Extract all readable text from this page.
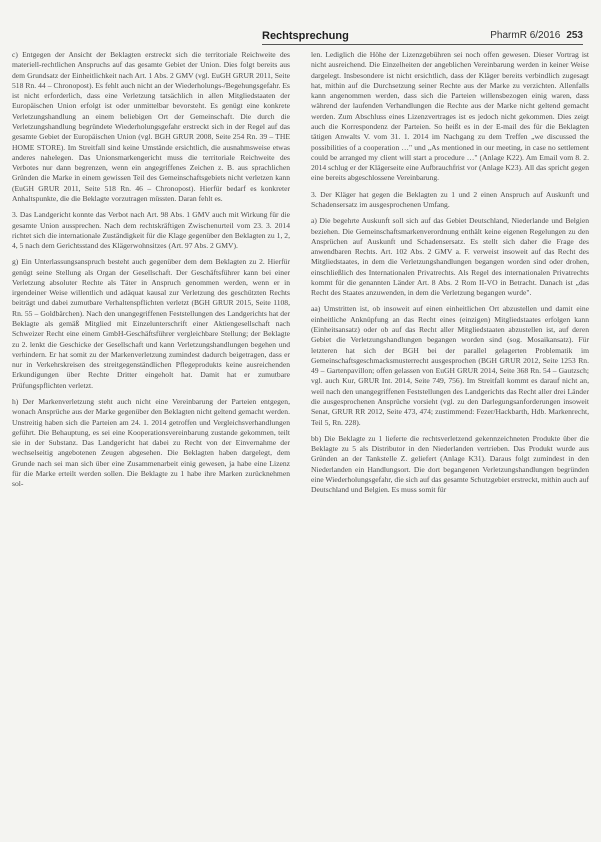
Rechtsprechung	PharmR 6/2016 253

c) Entgegen der Ansicht der Beklagten erstreckt sich die territoriale Reichweite des materiell-rechtlichen Anspruchs auf das gesamte Gebiet der Union. Dies folgt bereits aus dem Grundsatz der Einheitlichkeit nach Art. 1 Abs. 2 GMV (vgl. EuGH GRUR 2011, Seite 518 Rn. 44 – Chronopost). Es fehlt auch nicht an der Wiederholungs-/Begehungsgefahr. Es ist nicht erforderlich, dass eine Verletzung tatsächlich in allen Mitgliedstaaten der Europäischen Union erfolgt ist oder unmittelbar bevorsteht. Es genügt eine konkrete Verletzungshandlung an einem beliebigen Ort der Gemeinschaft. Die durch die Verletzungshandlung begründete Wiederholungsgefahr erstreckt sich in der Regel auf das gesamte Gebiet der Europäischen Union (vgl. BGH GRUR 2008, Seite 254 Rn. 39 – THE HOME STORE). Im Streitfall sind keine Umstände ersichtlich, die ausnahmsweise etwas anderes nahelegen. Das Unionsmarkengericht muss die territoriale Reichweite des Verbotes nur dann begrenzen, wenn ein angegriffenes Zeichen z. B. aus sprachlichen Gründen die Marke in einem gewissen Teil des Gemeinschaftsgebiets nicht verletzen kann (EuGH GRUR 2011, Seite 518 Rn. 46 – Chronopost). Hierfür bedarf es konkreter Anhaltspunkte, die die Beklagte vorzutragen müssten. Daran fehlt es.

3. Das Landgericht konnte das Verbot nach Art. 98 Abs. 1 GMV auch mit Wirkung für die gesamte Union aussprechen. Nach dem rechtskräftigen Zwischenurteil vom 23. 3. 2014 richtet sich die internationale Zuständigkeit für die Klage gegenüber den Beklagten zu 1, 2, 4, 5 nach dem Gerichtsstand des Klägerwohnsitzes (Art. 97 Abs. 2 GMV).

g) Ein Unterlassungsanspruch besteht auch gegenüber dem dem Beklagten zu 2. Hierfür genügt seine Stellung als Organ der Gesellschaft. Der Geschäftsführer kann bei einer Verletzung absoluter Rechte als Täter in Anspruch genommen werden, wenn er in irgendeiner Weise willentlich und adäquat kausal zur Verletzung des geschützten Rechts beiträgt und dabei zumutbare Verhaltenspflichten verletzt (BGH GRUR 2015, Seite 1108, Rn. 55 – Goldbärchen). Nach den unangegriffenen Feststellungen des Landgerichts hat der Beklagte als gemäß Mitglied mit Einzelunterschrift einer Aktiengesellschaft nach Schweizer Recht eine einem GmbH-Geschäftsführer vergleichbare Stellung; der Beklagte zu 2. lenkt die Geschicke der Gesellschaft und kann Verletzungshandlungen begehen und verhindern. Er hat somit zu der Markenverletzung zumindest dadurch beigetragen, dass er nur in Verkehrskreisen des streitgegenständlichen Pflegeprodukts keine ausreichenden Erkundigungen über Rechte Dritter eingeholt hat. Damit hat er zumutbare Prüfungspflichten verletzt.

h) Der Markenverletzung steht auch nicht eine Vereinbarung der Parteien entgegen, wonach Ansprüche aus der Marke gegenüber den Beklagten nicht geltend gemacht werden. Unstreitig haben sich die Parteien am 24. 1. 2014 getroffen und Vergleichsverhandlungen geführt. Die Behauptung, es sei eine Kooperationsvereinbarung zustande gekommen, teilt sie in der Substanz. Das Landgericht hat dabei zu Recht von der Einvernahme der wechselseitig angebotenen Zeugen abgesehen. Die Beklagten haben dargelegt, dem Grunde nach sei man sich über eine Zusammenarbeit einig gewesen, ja habe eine Lizenz für die Marke erteilt werden sollen. Die Beklagte zu 1 habe ihre Marken zurücknehmen sol-

len. Lediglich die Höhe der Lizenzgebühren sei noch offen gewesen. Dieser Vortrag ist nicht ausreichend. Die Einzelheiten der angeblichen Vereinbarung werden in keiner Weise dargelegt. Insbesondere ist nicht ersichtlich, dass der Kläger bereits verbindlich zugesagt hat, mithin auf die Durchsetzung seiner Rechte aus der Marke zu verzichten. Allenfalls kann angenommen werden, dass sich die Parteien willensbezogen einig waren, dass während der laufenden Verhandlungen die Rechte aus der Marke nicht geltend gemacht werden. Zum Abschluss eines Lizenzvertrages ist es jedoch nicht gekommen. Dies zeigt auch die Korrespondenz der Parteien. So heißt es in der E-mail des für die Beklagten tätigen Anwalts V. vom 31. 1. 2014 im Nachgang zu dem Treffen „we discussed the possibilities of a cooperation …" und „As mentioned in our meeting, in case no settlement could be arranged my client will start a procedure …" (Anlage K22). Am Email vom 8. 2. 2014 schlug er der Klägerseite eine Aufbrauchfrist vor (Anlage K23). All das spricht gegen eine bereits abgeschlossene Vereinbarung.

3. Der Kläger hat gegen die Beklagten zu 1 und 2 einen Anspruch auf Auskunft und Schadensersatz im ausgesprochenen Umfang.

a) Die begehrte Auskunft soll sich auf das Gebiet Deutschland, Niederlande und Belgien beziehen. Die Gemeinschaftsmarkenverordnung enthält keine eigenen Regelungen zu den Ansprüchen auf Auskunft und Schadensersatz. Es stellt sich daher die Frage des anwendbaren Rechts. Art. 102 Abs. 2 GMV a. F. verweist insoweit auf das Recht des Mitgliedstaates, in dem die Verletzungshandlungen begangen worden sind oder drohen, einschließlich des Internationalen Privatrechts. Als Regel des internationalen Privatrechts kommt für die genannten Länder Art. 8 Abs. 2 Rom II-VO in Betracht. Danach ist „das Recht des Staates anzuwenden, in dem die Verletzung begangen wurde".

aa) Umstritten ist, ob insoweit auf einen einheitlichen Ort abzustellen und damit eine einheitliche Anknüpfung an das Recht eines (einzigen) Mitgliedstaates erfolgen kann (Einheitsansatz) oder ob auf das Recht aller Mitgliedstaaten abzustellen ist, auf deren Gebiet die Verletzungshandlungen begangen worden sind (sog. Mosaikansatz). Für letzteren hat sich der BGH bei der parallel gelagerten Problematik im Gemeinschaftsgeschmacksmusterrecht ausgesprochen (BGH GRUR 2012, Seite 1253 Rn. 49 – Gartenpavillon; offen gelassen von EuGH GRUR 2014, Seite 368 Rn. 54 – Gautzsch; vgl. auch Kur, GRUR Int. 2014, Seite 749, 756). Im Streitfall kommt es darauf nicht an, weil nach den unangegriffenen Feststellungen des Landgerichts das Recht aller drei Länder die ausgesprochenen Ansprüche vorsieht (vgl. zu den Darlegungsanforderungen insoweit Senat, GRUR RR 2012, Seite 473, 474; zustimmend: Fezer/Hackbarth, Hdb. Markenrecht, Teil 5, Rn. 228).

bb) Die Beklagte zu 1 lieferte die rechtsverletzend gekennzeichneten Produkte über die Beklagte zu 5 als Distributor in den Niederlanden vertrieben. Das Produkt wurde aus Gründen an der Tankstelle Z. geliefert (Anlage K31). Daraus folgt zumindest in den Niederlanden ein Handlungsort. Die dort begangenen Verletzungshandlungen begründen eine Wiederholungsgefahr, die sich auf das gesamte Schutzgebiet erstreckt, mithin auch auf Deutschland und Belgien. Es muss somit für
